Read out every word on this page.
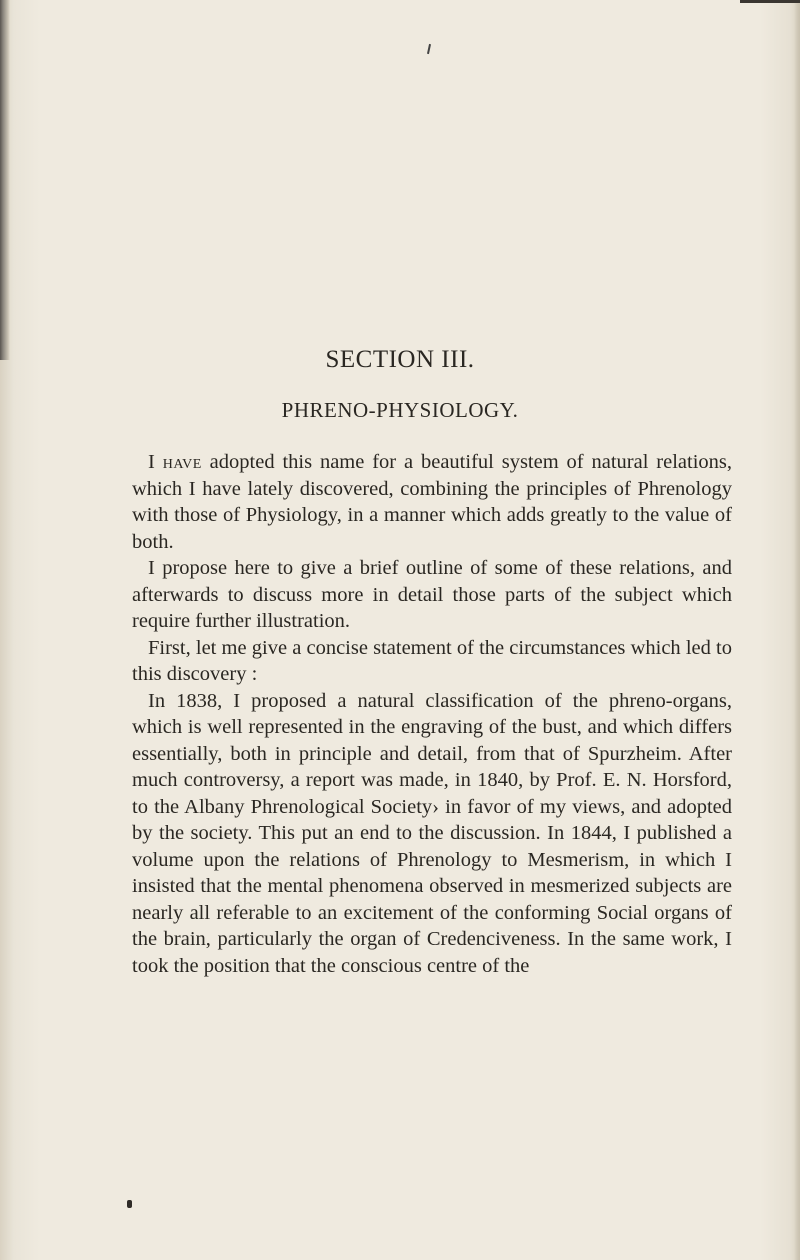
SECTION III.
PHRENO-PHYSIOLOGY.

I have adopted this name for a beautiful system of natural relations, which I have lately discovered, combining the principles of Phrenology with those of Physiology, in a manner which adds greatly to the value of both.

I propose here to give a brief outline of some of these relations, and afterwards to discuss more in detail those parts of the subject which require further illustration.

First, let me give a concise statement of the circumstances which led to this discovery :

In 1838, I proposed a natural classification of the phreno-organs, which is well represented in the engraving of the bust, and which differs essentially, both in principle and detail, from that of Spurzheim. After much controversy, a report was made, in 1840, by Prof. E. N. Horsford, to the Albany Phrenological Society› in favor of my views, and adopted by the society. This put an end to the discussion. In 1844, I published a volume upon the relations of Phrenology to Mesmerism, in which I insisted that the mental phenomena observed in mesmerized subjects are nearly all referable to an excitement of the conforming Social organs of the brain, particularly the organ of Credenciveness. In the same work, I took the position that the conscious centre of the
